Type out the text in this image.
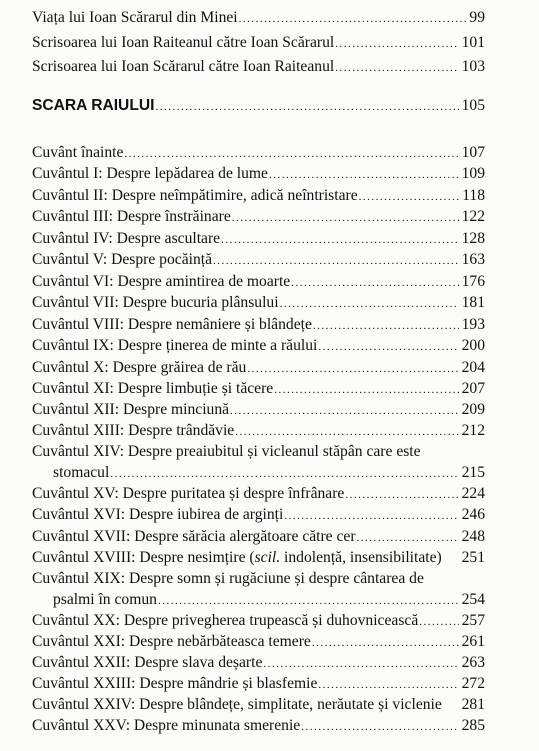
Viața lui Ioan Scărarul din Minei .....	99
Scrisoarea lui Ioan Raiteanul către Ioan Scărarul .....	101
Scrisoarea lui Ioan Scărarul către Ioan Raiteanul .....	103
SCARA RAIULUI .....	105
Cuvânt înainte .....	107
Cuvântul I: Despre lepădarea de lume .....	109
Cuvântul II: Despre neîmpătimire, adică neîntristare .....	118
Cuvântul III: Despre înstrăinare .....	122
Cuvântul IV: Despre ascultare .....	128
Cuvântul V: Despre pocăință .....	163
Cuvântul VI: Despre amintirea de moarte .....	176
Cuvântul VII: Despre bucuria plânsului .....	181
Cuvântul VIII: Despre nemâniere și blândețe .....	193
Cuvântul IX: Despre ținerea de minte a răului .....	200
Cuvântul X: Despre grăirea de rău .....	204
Cuvântul XI: Despre limbuție și tăcere .....	207
Cuvântul XII: Despre minciună .....	209
Cuvântul XIII: Despre trândăvie .....	212
Cuvântul XIV: Despre preaiubitul și vicleanul stăpân care este
stomacul .....	215
Cuvântul XV: Despre puritatea și despre înfrânare .....	224
Cuvântul XVI: Despre iubirea de arginți .....	246
Cuvântul XVII: Despre sărăcia alergătoare către cer .....	248
Cuvântul XVIII: Despre nesimțire (scil. indolență, insensibilitate) 251
Cuvântul XIX: Despre somn și rugăciune și despre cântarea de
psalmi în comun .....	254
Cuvântul XX: Despre privegherea trupească și duhovnicească .....	257
Cuvântul XXI: Despre nebărbăteasca temere .....	261
Cuvântul XXII: Despre slava deșarte .....	263
Cuvântul XXIII: Despre mândrie și blasfemie .....	272
Cuvântul XXIV: Despre blândețe, simplitate, nerăutate și viclenie 281
Cuvântul XXV: Despre minunata smerenie .....	285
